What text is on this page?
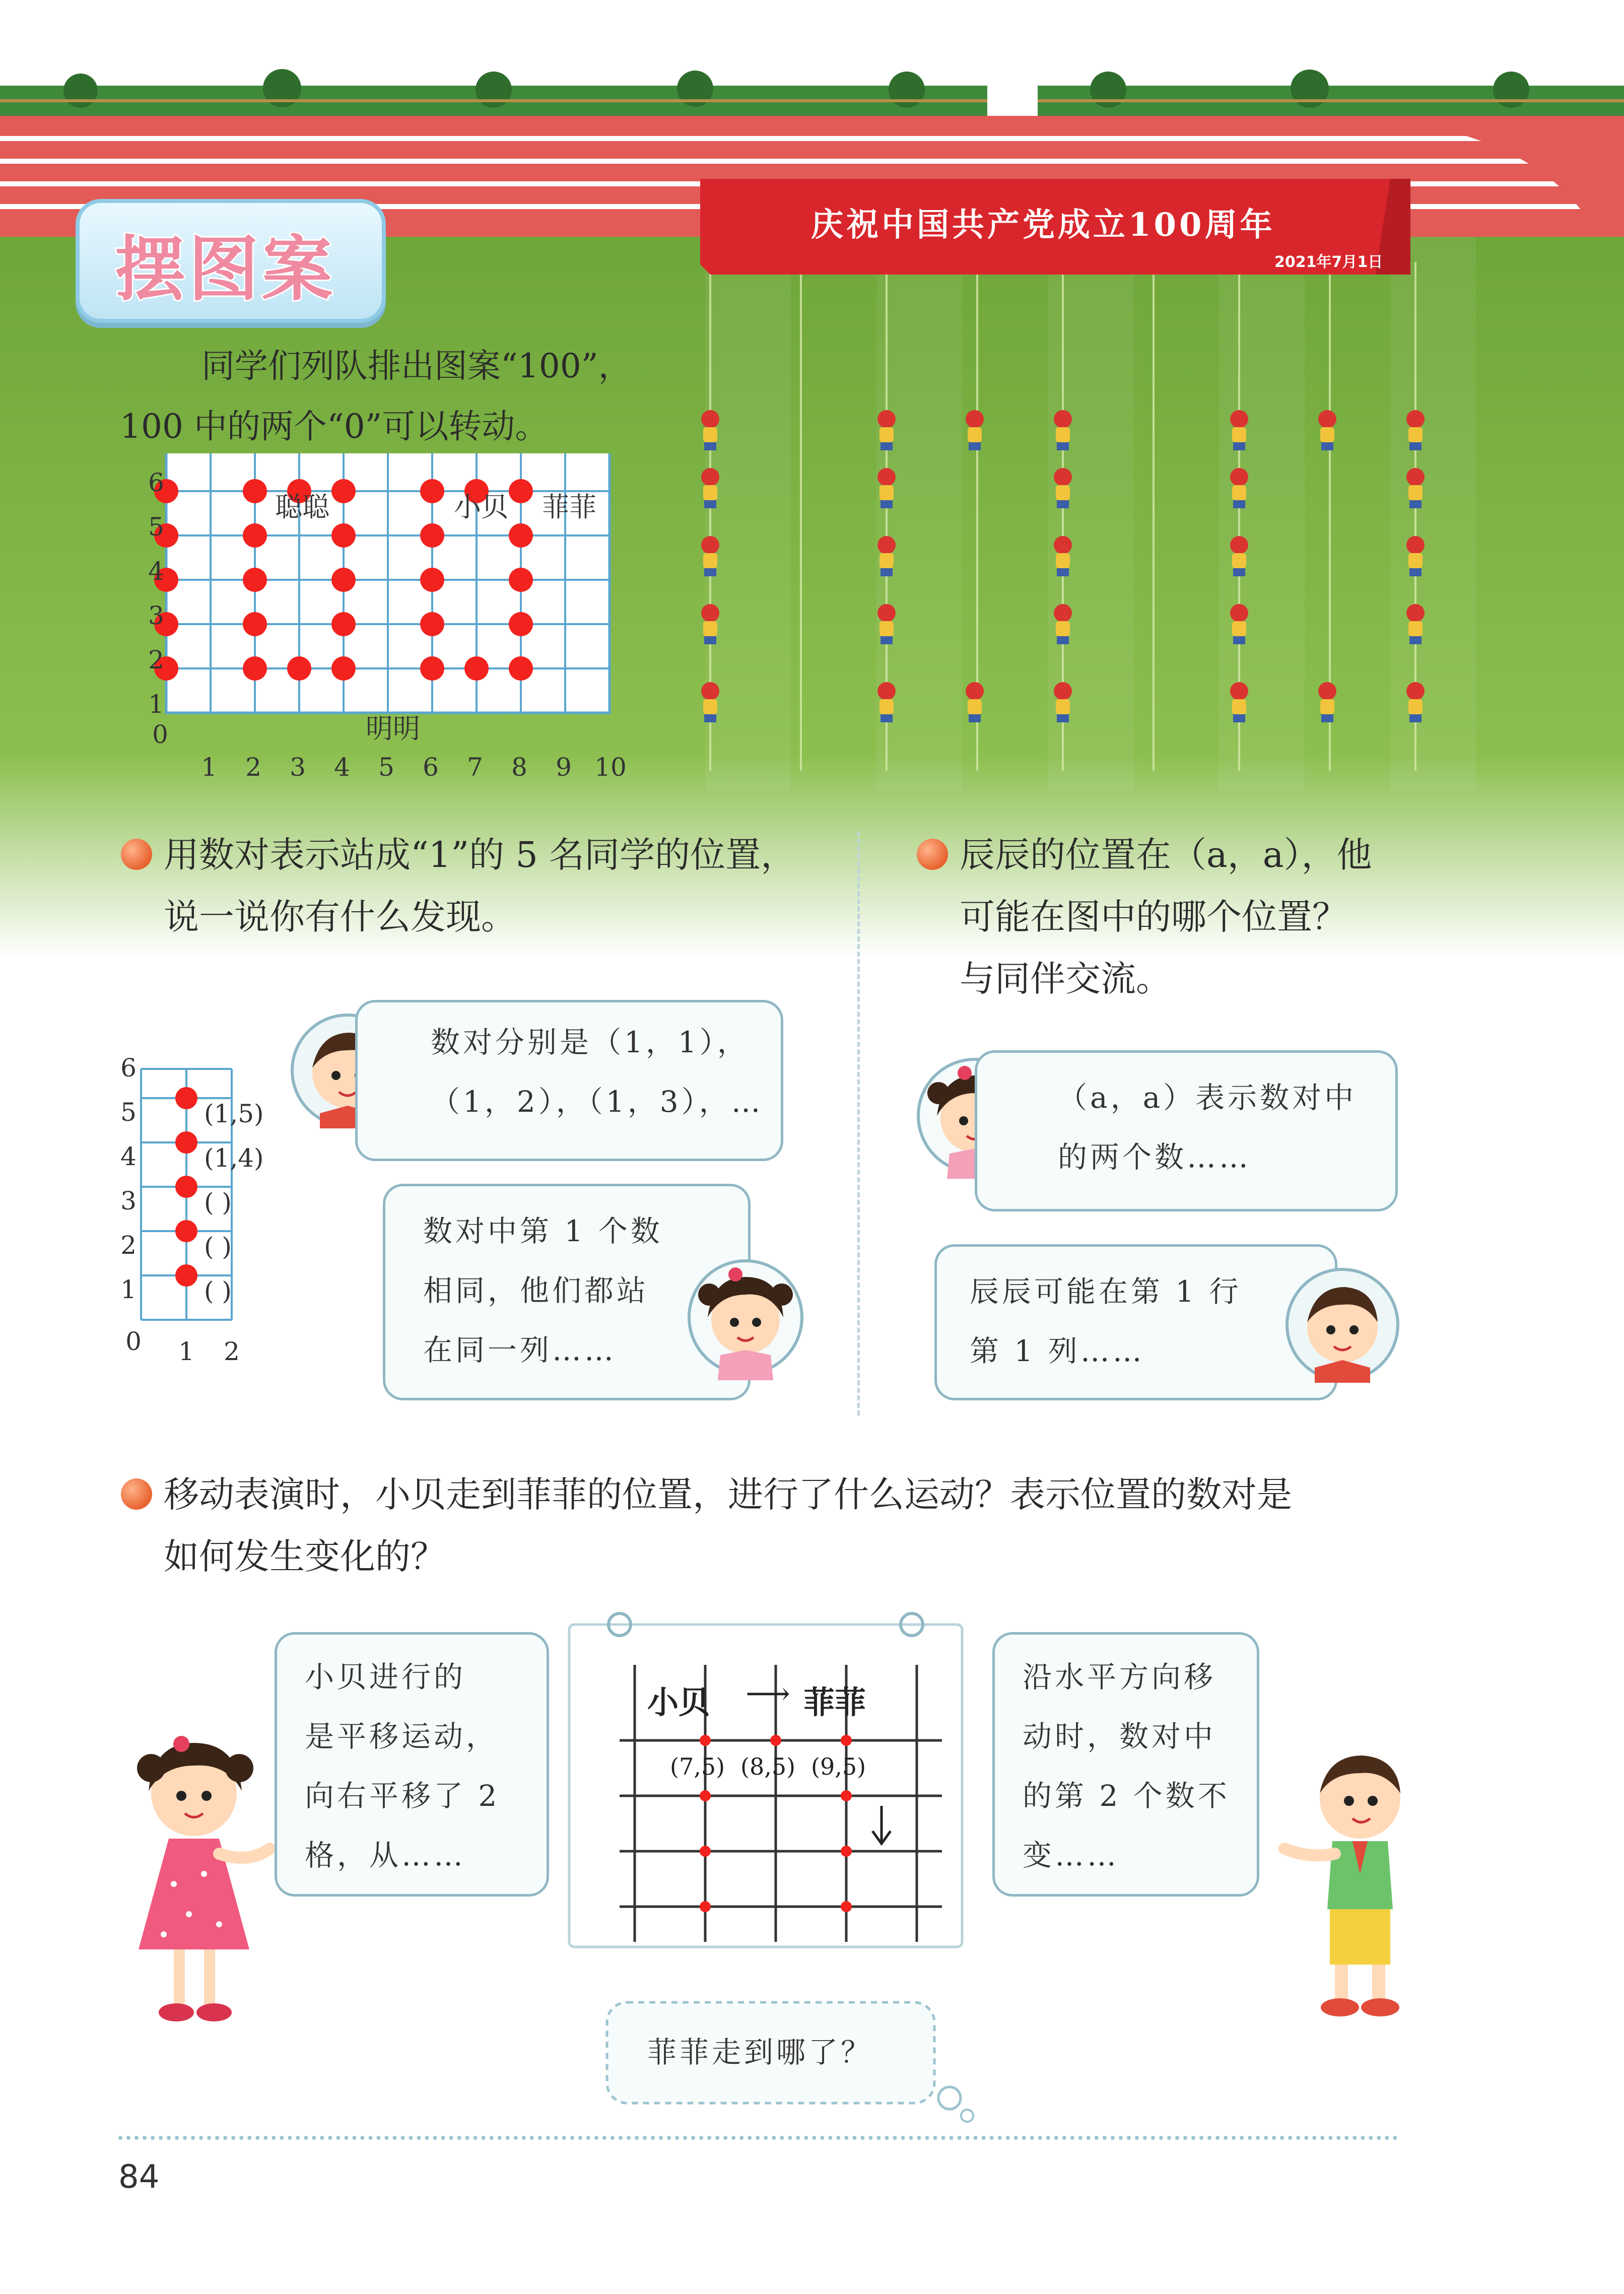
庆祝中国共产党成立100周年
2021年7月1日
摆图案
同学们列队排出图案“100”，
100 中的两个“0”可以转动。
0
1 2 3 4 5 6 7 8 9 10
1
2
3
4
5
6
聪聪	小贝 菲菲
明明
用数对表示站成“1”的 5 名同学的位置，
说一说你有什么发现。
6
5
4
3
2
1
0 1 2
(1,5)
(1,4)
( )
( )
( )
数对分别是（1，1），
（1，2），（1，3），…
数对中第 1 个数
相同，他们都站
在同一列……
辰辰的位置在（a，a），他
可能在图中的哪个位置？
与同伴交流。
（a，a）表示数对中
的两个数……
辰辰可能在第 1 行
第 1 列……
移动表演时，小贝走到菲菲的位置，进行了什么运动？表示位置的数对是
如何发生变化的？
小贝进行的
是平移运动，
向右平移了 2
格，从……
小贝 ⟶ 菲菲
(7,5) (8,5) (9,5)
沿水平方向移
动时，数对中
的第 2 个数不
变……
菲菲走到哪了？
84
